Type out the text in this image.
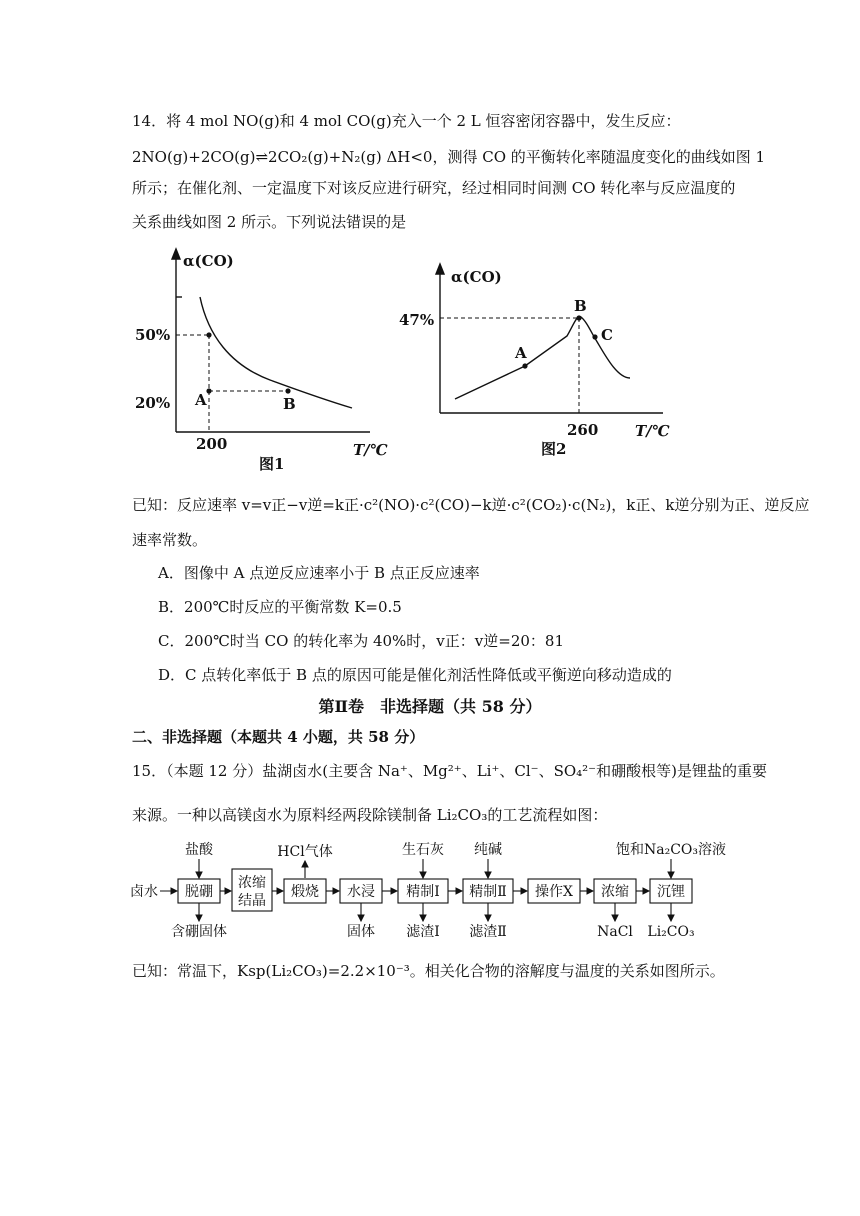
14．将 4 mol NO(g)和 4 mol CO(g)充入一个 2 L 恒容密闭容器中，发生反应：
2NO(g)+2CO(g)⇌2CO₂(g)+N₂(g) ΔH<0，测得 CO 的平衡转化率随温度变化的曲线如图 1
所示；在催化剂、一定温度下对该反应进行研究，经过相同时间测 CO 转化率与反应温度的
关系曲线如图 2 所示。下列说法错误的是
α(CO)
50%
20%
200	T/℃
A	B
图1
α(CO)
47%
260 T/℃
A
B
C
图2
已知：反应速率 v=v正−v逆=k正·c²(NO)·c²(CO)−k逆·c²(CO₂)·c(N₂)，k正、k逆分别为正、逆反应
速率常数。
A．图像中 A 点逆反应速率小于 B 点正反应速率
B．200℃时反应的平衡常数 K=0.5
C．200℃时当 CO 的转化率为 40%时，v正：v逆=20：81
D．C 点转化率低于 B 点的原因可能是催化剂活性降低或平衡逆向移动造成的
第Ⅱ卷　非选择题（共 58 分）
二、非选择题（本题共 4 小题，共 58 分）
15．（本题 12 分）盐湖卤水(主要含 Na⁺、Mg²⁺、Li⁺、Cl⁻、SO₄²⁻和硼酸根等)是锂盐的重要
来源。一种以高镁卤水为原料经两段除镁制备 Li₂CO₃的工艺流程如图：
卤水 脱硼
浓缩
结晶
煅烧 水浸 精制Ⅰ 精制Ⅱ 操作X 浓缩 沉锂
盐酸	HCl气体	生石灰 纯碱	饱和Na₂CO₃溶液
含硼固体	固体 滤渣Ⅰ 滤渣Ⅱ	NaCl Li₂CO₃
已知：常温下，Ksp(Li₂CO₃)=2.2×10⁻³。相关化合物的溶解度与温度的关系如图所示。
